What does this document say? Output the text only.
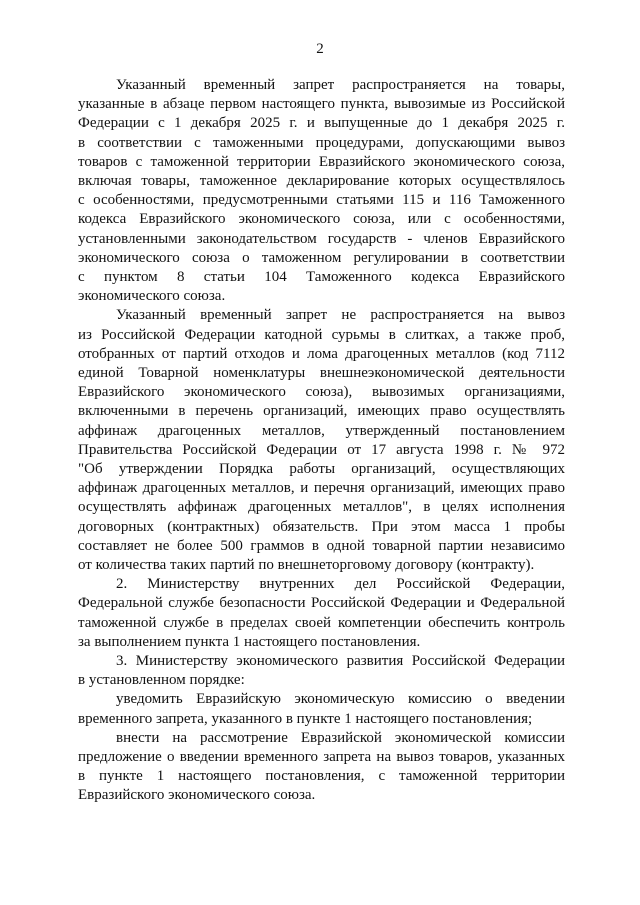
2
Указанный временный запрет распространяется на товары,
указанные в абзаце первом настоящего пункта, вывозимые из Российской
Федерации с 1 декабря 2025 г. и выпущенные до 1 декабря 2025 г.
в соответствии с таможенными процедурами, допускающими вывоз
товаров с таможенной территории Евразийского экономического союза,
включая товары, таможенное декларирование которых осуществлялось
с особенностями, предусмотренными статьями 115 и 116 Таможенного
кодекса Евразийского экономического союза, или с особенностями,
установленными законодательством государств - членов Евразийского
экономического союза о таможенном регулировании в соответствии
с пунктом 8 статьи 104 Таможенного кодекса Евразийского
экономического союза.
Указанный временный запрет не распространяется на вывоз
из Российской Федерации катодной сурьмы в слитках, а также проб,
отобранных от партий отходов и лома драгоценных металлов (код 7112
единой Товарной номенклатуры внешнеэкономической деятельности
Евразийского экономического союза), вывозимых организациями,
включенными в перечень организаций, имеющих право осуществлять
аффинаж драгоценных металлов, утвержденный постановлением
Правительства Российской Федерации от 17 августа 1998 г. № 972
"Об утверждении Порядка работы организаций, осуществляющих
аффинаж драгоценных металлов, и перечня организаций, имеющих право
осуществлять аффинаж драгоценных металлов", в целях исполнения
договорных (контрактных) обязательств. При этом масса 1 пробы
составляет не более 500 граммов в одной товарной партии независимо
от количества таких партий по внешнеторговому договору (контракту).
2. Министерству внутренних дел Российской Федерации,
Федеральной службе безопасности Российской Федерации и Федеральной
таможенной службе в пределах своей компетенции обеспечить контроль
за выполнением пункта 1 настоящего постановления.
3. Министерству экономического развития Российской Федерации
в установленном порядке:
уведомить Евразийскую экономическую комиссию о введении
временного запрета, указанного в пункте 1 настоящего постановления;
внести на рассмотрение Евразийской экономической комиссии
предложение о введении временного запрета на вывоз товаров, указанных
в пункте 1 настоящего постановления, с таможенной территории
Евразийского экономического союза.
